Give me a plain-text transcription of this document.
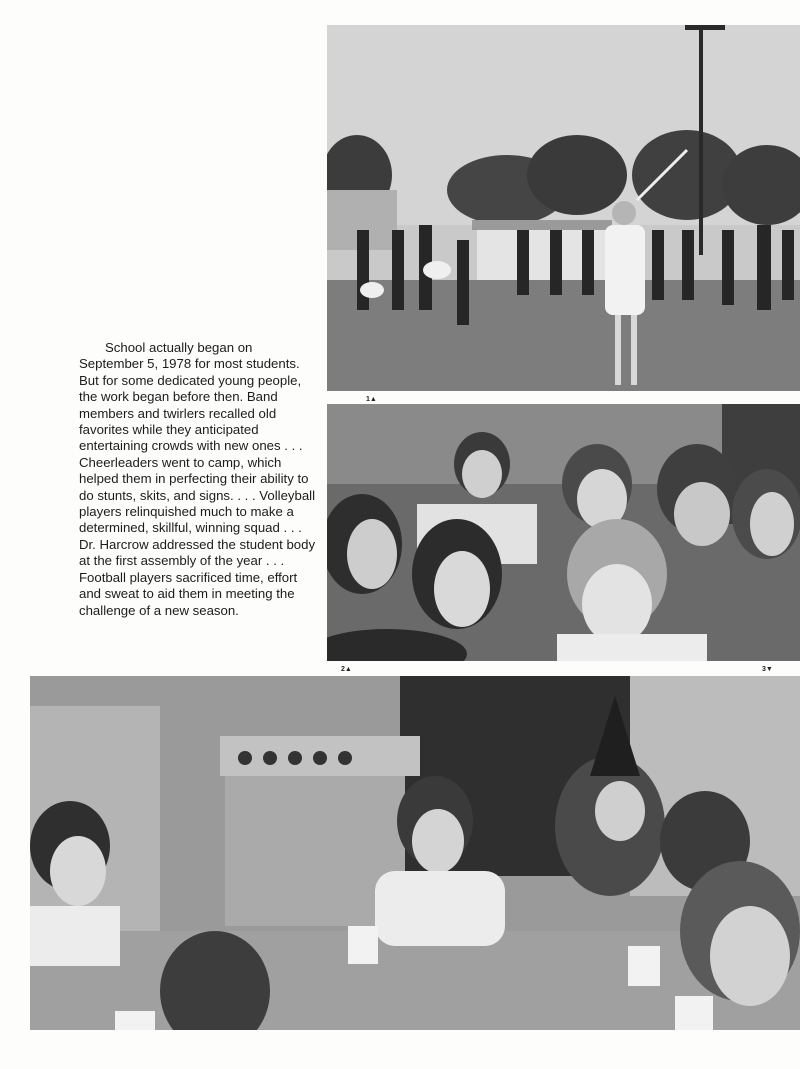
1▲
2▲	3▼

School actually began on September 5, 1978 for most students. But for some dedicated young people, the work began before then. Band members and twirlers recalled old favorites while they anticipated entertaining crowds with new ones . . . Cheerleaders went to camp, which helped them in perfecting their ability to do stunts, skits, and signs. . . . Volleyball players relinquished much to make a determined, skillful, winning squad . . . Dr. Harcrow addressed the student body at the first assembly of the year . . . Football players sacrificed time, effort and sweat to aid them in meeting the challenge of a new season.
